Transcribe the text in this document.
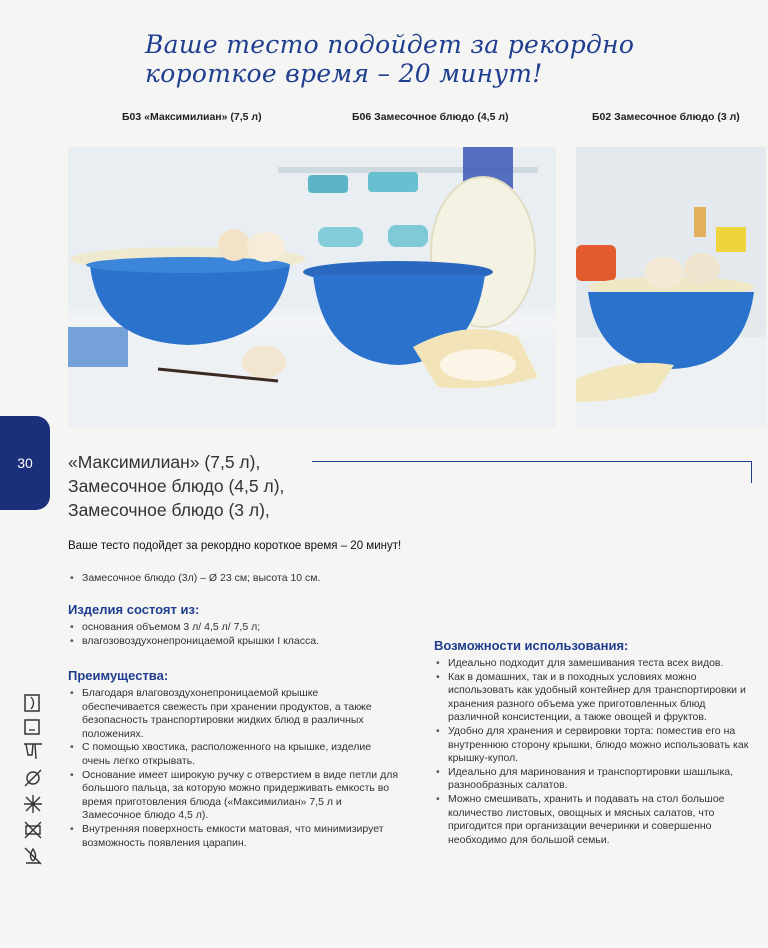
Ваше тесто подойдет за рекордно короткое время – 20 минут!
Б03 «Максимилиан» (7,5 л)	Б06 Замесочное блюдо (4,5 л)	Б02 Замесочное блюдо (3 л)
30 «Максимилиан» (7,5 л),
Замесочное блюдо (4,5 л),
Замесочное блюдо (3 л),
Ваше тесто подойдет за рекордно короткое время – 20 минут!
• Замесочное блюдо (3л) – Ø 23 см; высота 10 см.
Изделия состоят из:
• основания объемом 3 л/ 4,5 л/ 7,5 л;
• влагозовоздухонепроницаемой крышки I класса.
Преимущества:
• Благодаря влаговоздухонепроницаемой крышке обеспечивается свежесть при хранении продуктов, а также безопасность транспортировки жидких блюд в различных положениях.
• С помощью хвостика, расположенного на крышке, изделие очень легко открывать.
• Основание имеет широкую ручку с отверстием в виде петли для большого пальца, за которую можно придерживать емкость во время приготовления блюда («Максимилиан» 7,5 л и Замесочное блюдо 4,5 л).
• Внутренняя поверхность емкости матовая, что минимизирует возможность появления царапин.
Возможности использования:
• Идеально подходит для замешивания теста всех видов.
• Как в домашних, так и в походных условиях можно использовать как удобный контейнер для транспортировки и хранения разного объема уже приготовленных блюд различной консистенции, а также овощей и фруктов.
• Удобно для хранения и сервировки торта: поместив его на внутреннюю сторону крышки, блюдо можно использовать как крышку-купол.
• Идеально для маринования и транспортировки шашлыка, разнообразных салатов.
• Можно смешивать, хранить и подавать на стол большое количество листовых, овощных и мясных салатов, что пригодится при организации вечеринки и совершенно необходимо для большой семьи.
